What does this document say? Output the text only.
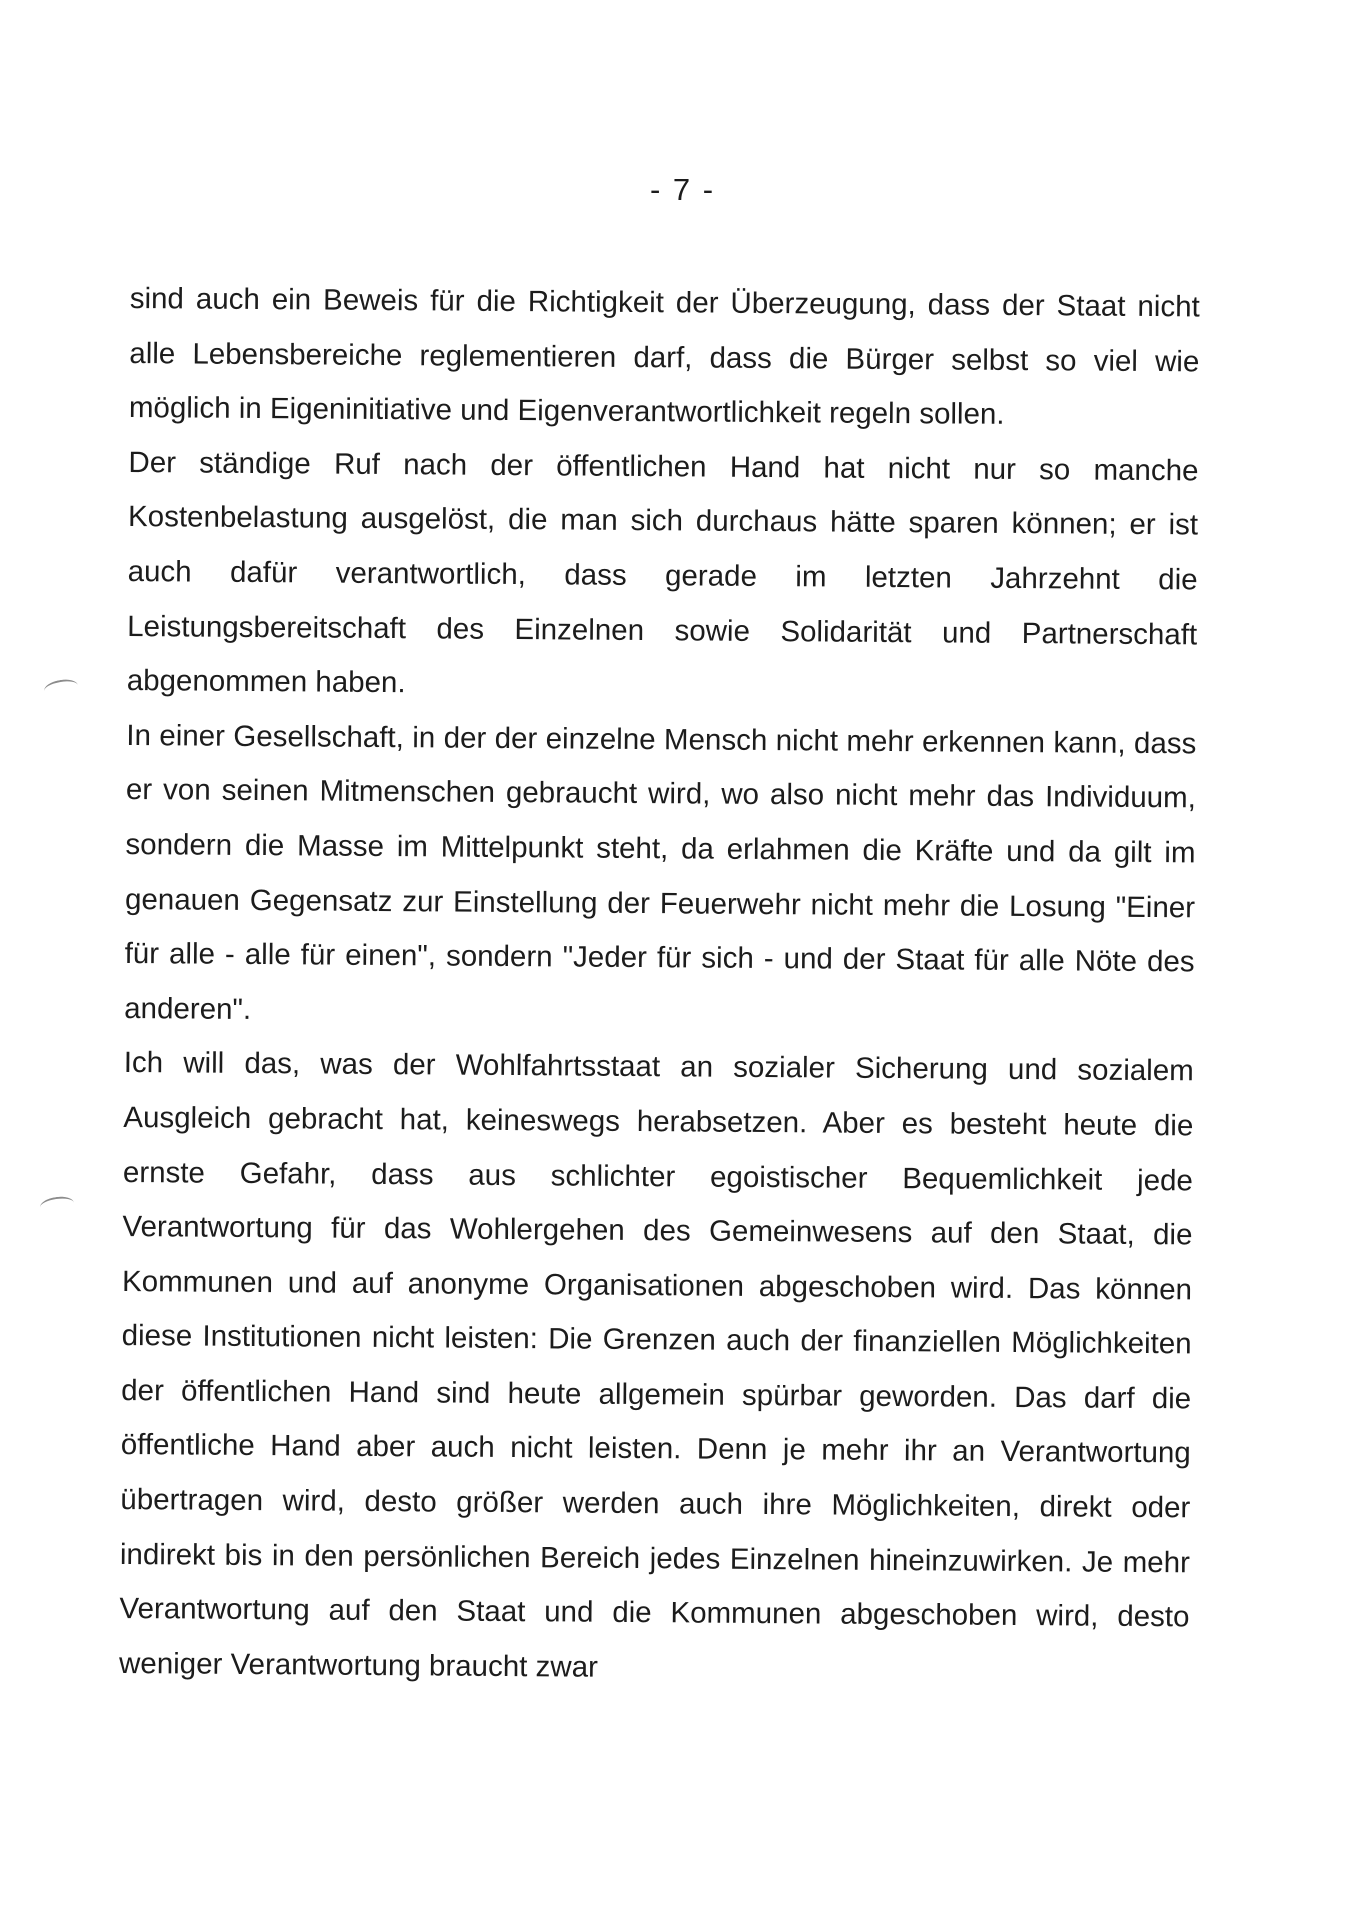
- 7 -

sind auch ein Beweis für die Richtigkeit der Überzeugung, dass der Staat nicht alle Lebensbereiche reglementieren darf, dass die Bürger selbst so viel wie möglich in Eigeninitiative und Eigenverantwortlichkeit regeln sollen.

Der ständige Ruf nach der öffentlichen Hand hat nicht nur so manche Kostenbelastung ausgelöst, die man sich durchaus hätte sparen können; er ist auch dafür verantwortlich, dass gerade im letzten Jahrzehnt die Leistungsbereitschaft des Einzelnen sowie Solidarität und Partnerschaft abgenommen haben.

In einer Gesellschaft, in der der einzelne Mensch nicht mehr erkennen kann, dass er von seinen Mitmenschen gebraucht wird, wo also nicht mehr das Individuum, sondern die Masse im Mittelpunkt steht, da erlahmen die Kräfte und da gilt im genauen Gegensatz zur Einstellung der Feuerwehr nicht mehr die Losung "Einer für alle - alle für einen", sondern "Jeder für sich - und der Staat für alle Nöte des anderen".

Ich will das, was der Wohlfahrtsstaat an sozialer Sicherung und sozialem Ausgleich gebracht hat, keineswegs herabsetzen. Aber es besteht heute die ernste Gefahr, dass aus schlichter egoistischer Bequemlichkeit jede Verantwortung für das Wohlergehen des Gemeinwesens auf den Staat, die Kommunen und auf anonyme Organisationen abgeschoben wird. Das können diese Institutionen nicht leisten: Die Grenzen auch der finanziellen Möglichkeiten der öffentlichen Hand sind heute allgemein spürbar geworden. Das darf die öffentliche Hand aber auch nicht leisten. Denn je mehr ihr an Verantwortung übertragen wird, desto größer werden auch ihre Möglichkeiten, direkt oder indirekt bis in den persönlichen Bereich jedes Einzelnen hineinzuwirken. Je mehr Verantwortung auf den Staat und die Kommunen abgeschoben wird, desto weniger Verantwortung braucht zwar
